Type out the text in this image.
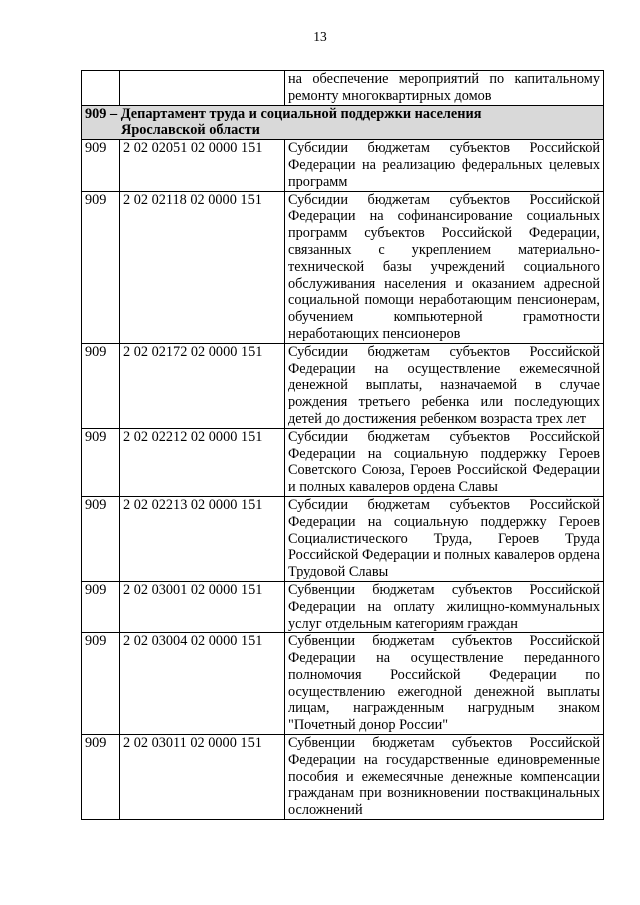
13
		на обеспечение мероприятий по капитальному ремонту многоквартирных домов
909 – Департамент труда и социальной поддержки населения
Ярославской области		

909	2 02 02051 02 0000 151	Субсидии бюджетам субъектов Российской Федерации на реализацию федеральных целевых программ
909	2 02 02118 02 0000 151	Субсидии бюджетам субъектов Российской Федерации на софинансирование социальных программ субъектов Российской Федерации, связанных с укреплением материально-технической базы учреждений социального обслуживания населения и оказанием адресной социальной помощи неработающим пенсионерам, обучением компьютерной грамотности неработающих пенсионеров
909	2 02 02172 02 0000 151	Субсидии бюджетам субъектов Российской Федерации на осуществление ежемесячной денежной выплаты, назначаемой в случае рождения третьего ребенка или последующих детей до достижения ребенком возраста трех лет
909	2 02 02212 02 0000 151	Субсидии бюджетам субъектов Российской Федерации на социальную поддержку Героев Советского Союза, Героев Российской Федерации и полных кавалеров ордена Славы
909	2 02 02213 02 0000 151	Субсидии бюджетам субъектов Российской Федерации на социальную поддержку Героев Социалистического Труда, Героев Труда Российской Федерации и полных кавалеров ордена Трудовой Славы
909	2 02 03001 02 0000 151	Субвенции бюджетам субъектов Российской Федерации на оплату жилищно-коммунальных услуг отдельным категориям граждан
909	2 02 03004 02 0000 151	Субвенции бюджетам субъектов Российской Федерации на осуществление переданного полномочия Российской Федерации по осуществлению ежегодной денежной выплаты лицам, награжденным нагрудным знаком "Почетный донор России"
909	2 02 03011 02 0000 151	Субвенции бюджетам субъектов Российской Федерации на государственные единовременные пособия и ежемесячные денежные компенсации гражданам при возникновении поствакцинальных осложнений
